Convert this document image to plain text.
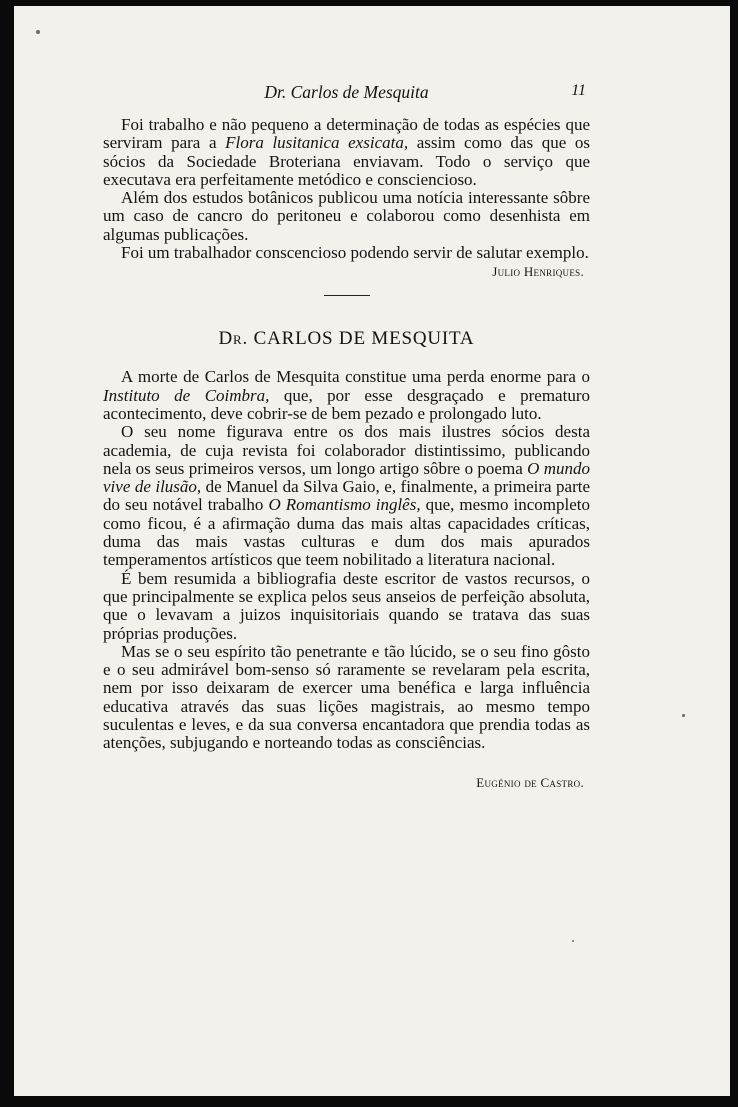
Dr. Carlos de Mesquita	11

Foi trabalho e não pequeno a determinação de todas as espécies que serviram para a Flora lusitanica exsicata, assim como das que os sócios da Sociedade Broteriana enviavam. Todo o serviço que executava era perfeitamente metódico e consciencioso.

Além dos estudos botânicos publicou uma notícia interessante sôbre um caso de cancro do peritoneu e colaborou como desenhista em algumas publicações.

Foi um trabalhador conscencioso podendo servir de salutar exemplo.

Julio Henriques.
Dr. CARLOS DE MESQUITA

A morte de Carlos de Mesquita constitue uma perda enorme para o Instituto de Coimbra, que, por esse desgraçado e prematuro acontecimento, deve cobrir-se de bem pezado e prolongado luto.

O seu nome figurava entre os dos mais ilustres sócios desta academia, de cuja revista foi colaborador distintissimo, publicando nela os seus primeiros versos, um longo artigo sôbre o poema O mundo vive de ilusão, de Manuel da Silva Gaio, e, finalmente, a primeira parte do seu notável trabalho O Romantismo inglês, que, mesmo incompleto como ficou, é a afirmação duma das mais altas capacidades críticas, duma das mais vastas culturas e dum dos mais apurados temperamentos artísticos que teem nobilitado a literatura nacional.

É bem resumida a bibliografia deste escritor de vastos recursos, o que principalmente se explica pelos seus anseios de perfeição absoluta, que o levavam a juizos inquisitoriais quando se tratava das suas próprias produções.

Mas se o seu espírito tão penetrante e tão lúcido, se o seu fino gôsto e o seu admirável bom-senso só raramente se revelaram pela escrita, nem por isso deixaram de exercer uma benéfica e larga influência educativa através das suas lições magistrais, ao mesmo tempo suculentas e leves, e da sua conversa encantadora que prendia todas as atenções, subjugando e norteando todas as consciências.

Eugénio de Castro.
